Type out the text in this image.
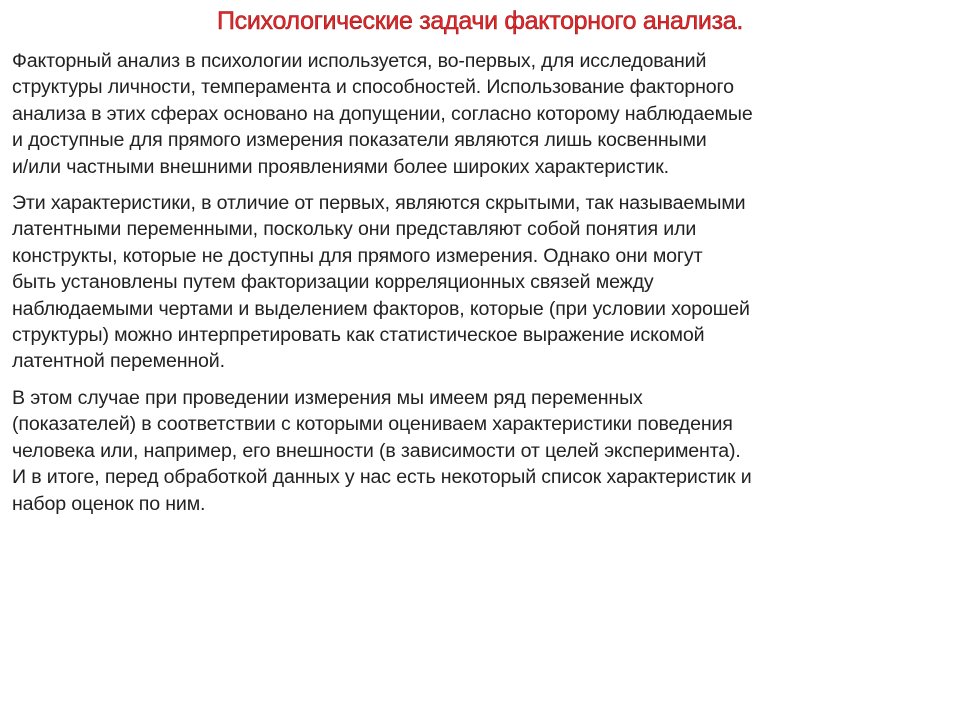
Психологические задачи факторного анализа.

Факторный анализ в психологии используется, во-первых, для исследований
структуры личности, темперамента и способностей. Использование факторного
анализа в этих сферах основано на допущении, согласно которому наблюдаемые
и доступные для прямого измерения показатели являются лишь косвенными
и/или частными внешними проявлениями более широких характеристик.

Эти характеристики, в отличие от первых, являются скрытыми, так называемыми
латентными переменными, поскольку они представляют собой понятия или
конструкты, которые не доступны для прямого измерения. Однако они могут
быть установлены путем факторизации корреляционных связей между
наблюдаемыми чертами и выделением факторов, которые (при условии хорошей
структуры) можно интерпретировать как статистическое выражение искомой
латентной переменной.

В этом случае при проведении измерения мы имеем ряд переменных
(показателей) в соответствии с которыми оцениваем характеристики поведения
человека или, например, его внешности (в зависимости от целей эксперимента).
И в итоге, перед обработкой данных у нас есть некоторый список характеристик и
набор оценок по ним.
